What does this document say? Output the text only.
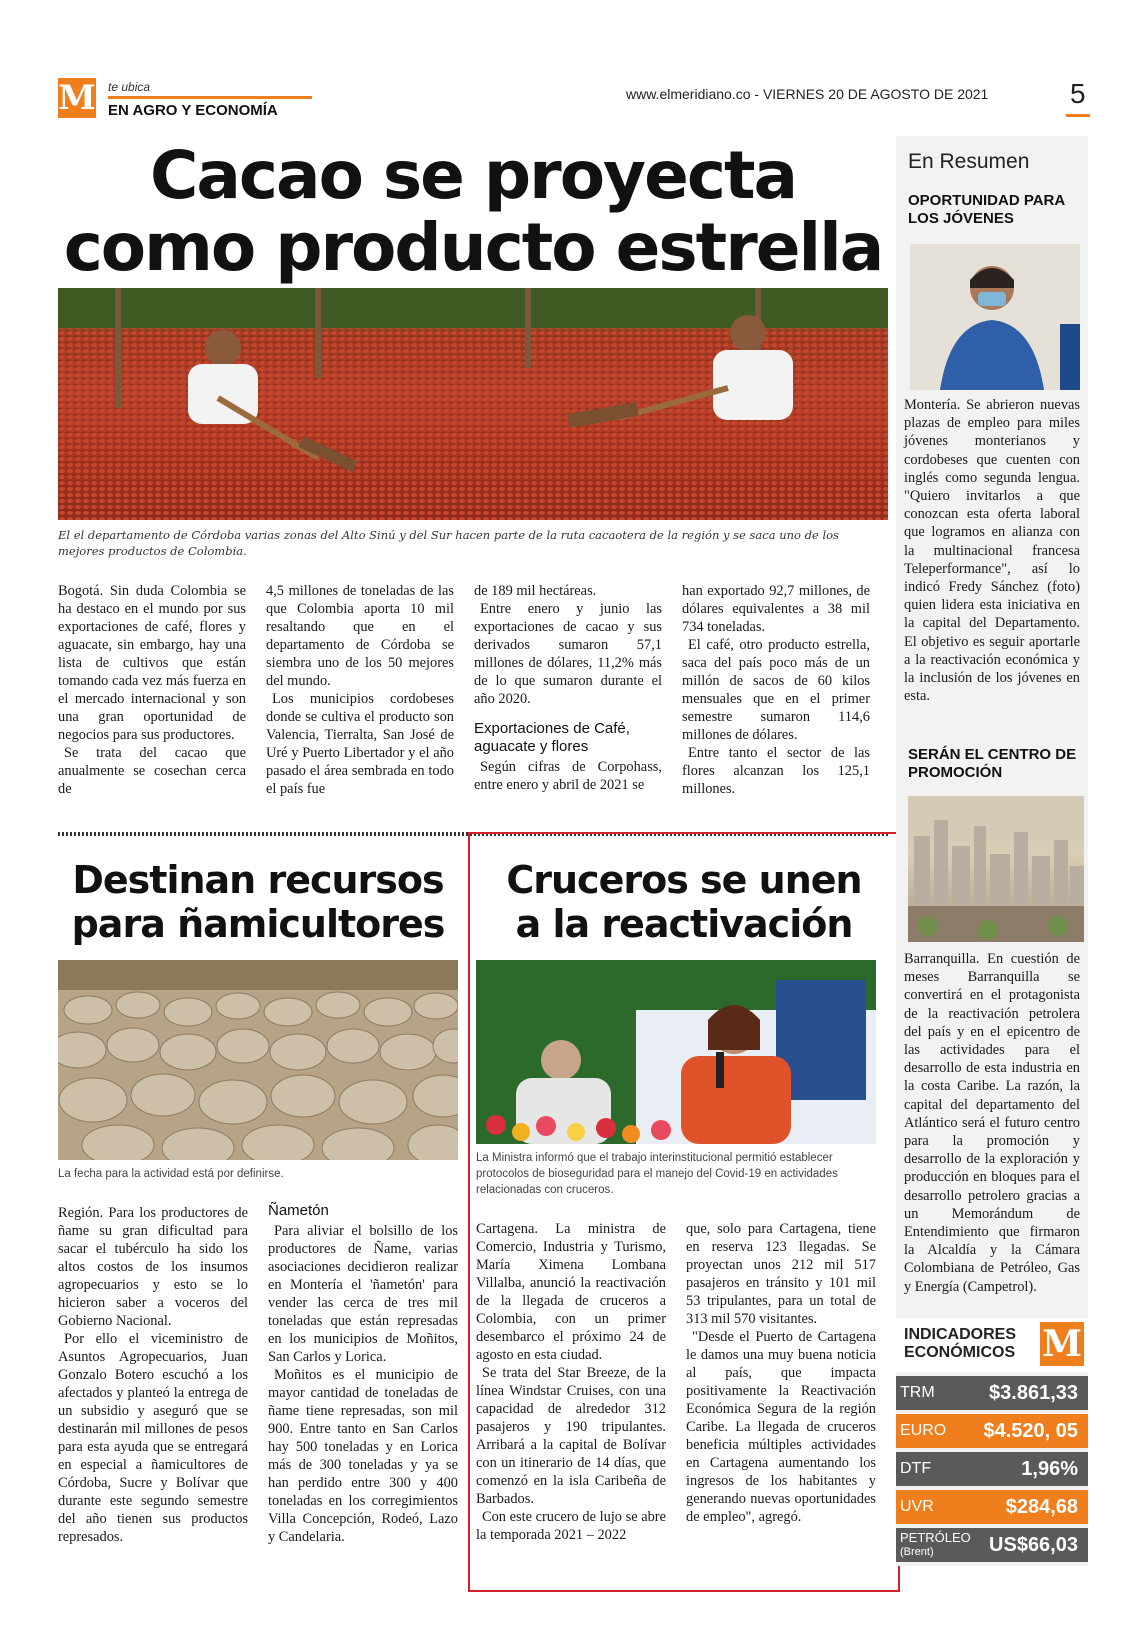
M te ubica
EN AGRO Y ECONOMÍA
www.elmeridiano.co - VIERNES 20 DE AGOSTO DE 2021	5
Cacao se proyecta
como producto estrella
El el departamento de Córdoba varias zonas del Alto Sinú y del Sur hacen parte de la ruta cacaotera de la región y se saca uno de los mejores productos de Colombia.

Bogotá. Sin duda Colombia se ha destaco en el mundo por sus exportaciones de café, flores y aguacate, sin embargo, hay una lista de cultivos que están tomando cada vez más fuerza en el mercado internacional y son una gran oportunidad de negocios para sus productores.

Se trata del cacao que anualmente se cosechan cerca de

4,5 millones de toneladas de las que Colombia aporta 10 mil resaltando que en el departamento de Córdoba se siembra uno de los 50 mejores del mundo.

Los municipios cordobeses donde se cultiva el producto son Valencia, Tierralta, San José de Uré y Puerto Libertador y el año pasado el área sembrada en todo el país fue

de 189 mil hectáreas.

Entre enero y junio las exportaciones de cacao y sus derivados sumaron 57,1 millones de dólares, 11,2% más de lo que sumaron durante el año 2020.

Exportaciones de Café, aguacate y flores

Según cifras de Corpohass, entre enero y abril de 2021 se

han exportado 92,7 millones, de dólares equivalentes a 38 mil 734 toneladas.

El café, otro producto estrella, saca del país poco más de un millón de sacos de 60 kilos mensuales que en el primer semestre sumaron 114,6 millones de dólares.

Entre tanto el sector de las flores alcanzan los 125,1 millones.

Destinan recursos
para ñamicultores
La fecha para la actividad está por definirse.

Región. Para los productores de ñame su gran dificultad para sacar el tubérculo ha sido los altos costos de los insumos agropecuarios y esto se lo hicieron saber a voceros del Gobierno Nacional.

Por ello el viceministro de Asuntos Agropecuarios, Juan Gonzalo Botero escuchó a los afectados y planteó la entrega de un subsidio y aseguró que se destinarán mil millones de pesos para esta ayuda que se entregará en especial a ñamicultores de Córdoba, Sucre y Bolívar que durante este segundo semestre del año tienen sus productos represados.

Ñametón

Para aliviar el bolsillo de los productores de Ñame, varias asociaciones decidieron realizar en Montería el 'ñametón' para vender las cerca de tres mil toneladas que están represadas en los municipios de Moñitos, San Carlos y Lorica.

Moñitos es el municipio de mayor cantidad de toneladas de ñame tiene represadas, son mil 900. Entre tanto en San Carlos hay 500 toneladas y en Lorica más de 300 toneladas y ya se han perdido entre 300 y 400 toneladas en los corregimientos Villa Concepción, Rodeó, Lazo y Candelaria.

Cruceros se unen
a la reactivación
La Ministra informó que el trabajo interinstitucional permitió establecer protocolos de bioseguridad para el manejo del Covid-19 en actividades relacionadas con cruceros.

Cartagena. La ministra de Comercio, Industria y Turismo, María Ximena Lombana Villalba, anunció la reactivación de la llegada de cruceros a Colombia, con un primer desembarco el próximo 24 de agosto en esta ciudad.

Se trata del Star Breeze, de la línea Windstar Cruises, con una capacidad de alrededor 312 pasajeros y 190 tripulantes. Arribará a la capital de Bolívar con un itinerario de 14 días, que comenzó en la isla Caribeña de Barbados.

Con este crucero de lujo se abre la temporada 2021 – 2022

que, solo para Cartagena, tiene en reserva 123 llegadas. Se proyectan unos 212 mil 517 pasajeros en tránsito y 101 mil 53 tripulantes, para un total de 313 mil 570 visitantes.

"Desde el Puerto de Cartagena le damos una muy buena noticia al país, que impacta positivamente la Reactivación Económica Segura de la región Caribe. La llegada de cruceros beneficia múltiples actividades en Cartagena aumentando los ingresos de los habitantes y generando nuevas oportunidades de empleo", agregó.

En Resumen
OPORTUNIDAD PARA LOS JÓVENES
Montería. Se abrieron nuevas plazas de empleo para miles jóvenes monterianos y cordobeses que cuenten con inglés como segunda lengua. "Quiero invitarlos a que conozcan esta oferta laboral que logramos en alianza con la multinacional francesa Teleperformance", así lo indicó Fredy Sánchez (foto) quien lidera esta iniciativa en la capital del Departamento. El objetivo es seguir aportarle a la reactivación económica y la inclusión de los jóvenes en esta.
SERÁN EL CENTRO DE PROMOCIÓN
Barranquilla. En cuestión de meses Barranquilla se convertirá en el protagonista de la reactivación petrolera del país y en el epicentro de las actividades para el desarrollo de esta industria en la costa Caribe. La razón, la capital del departamento del Atlántico será el futuro centro para la promoción y desarrollo de la exploración y producción en bloques para el desarrollo petrolero gracias a un Memorándum de Entendimiento que firmaron la Alcaldía y la Cámara Colombiana de Petróleo, Gas y Energía (Campetrol).
INDICADORES
ECONÓMICOS M
TRM	$3.861,33
EURO $4.520, 05
DTF	1,96%
UVR	$284,68
PETRÓLEO
(Brent)	US$66,03
